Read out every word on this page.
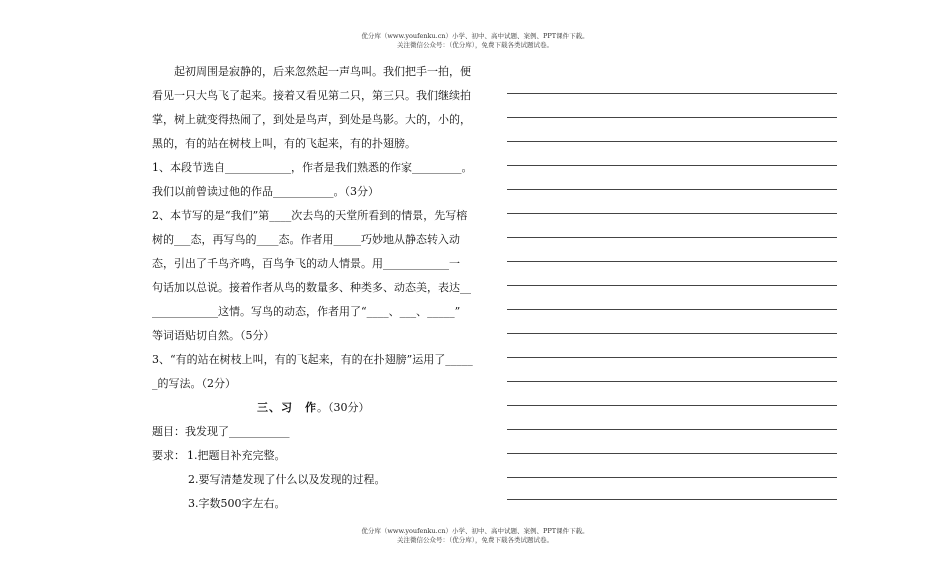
优分库（www.youfenku.cn）小学、初中、高中试题、案例、PPT课件下载。
关注微信公众号：（优分库），免费下载各类试题试卷。
起初周围是寂静的，后来忽然起一声鸟叫。我们把手一拍，便
看见一只大鸟飞了起来。接着又看见第二只，第三只。我们继续拍
掌，树上就变得热闹了，到处是鸟声，到处是鸟影。大的，小的，
黑的，有的站在树枝上叫，有的飞起来，有的扑翅膀。
1、本段节选自____________，作者是我们熟悉的作家_________。
我们以前曾读过他的作品___________。（3分）
2、本节写的是“我们”第____次去鸟的天堂所看到的情景，先写榕
树的___态，再写鸟的____态。作者用_____巧妙地从静态转入动
态，引出了千鸟齐鸣，百鸟争飞的动人情景。用____________一
句话加以总说。接着作者从鸟的数量多、种类多、动态美，表达__
____________这情。写鸟的动态，作者用了“____、___、_____”
等词语贴切自然。（5分）
3、“有的站在树枝上叫，有的飞起来，有的在扑翅膀”运用了_____
_的写法。（2分）
三、习　作。（30分）
题目：我发现了___________
要求： 1.把题目补充完整。
2.要写清楚发现了什么以及发现的过程。
3.字数500字左右。
优分库（www.youfenku.cn）小学、初中、高中试题、案例、PPT课件下载。
关注微信公众号：（优分库），免费下载各类试题试卷。
